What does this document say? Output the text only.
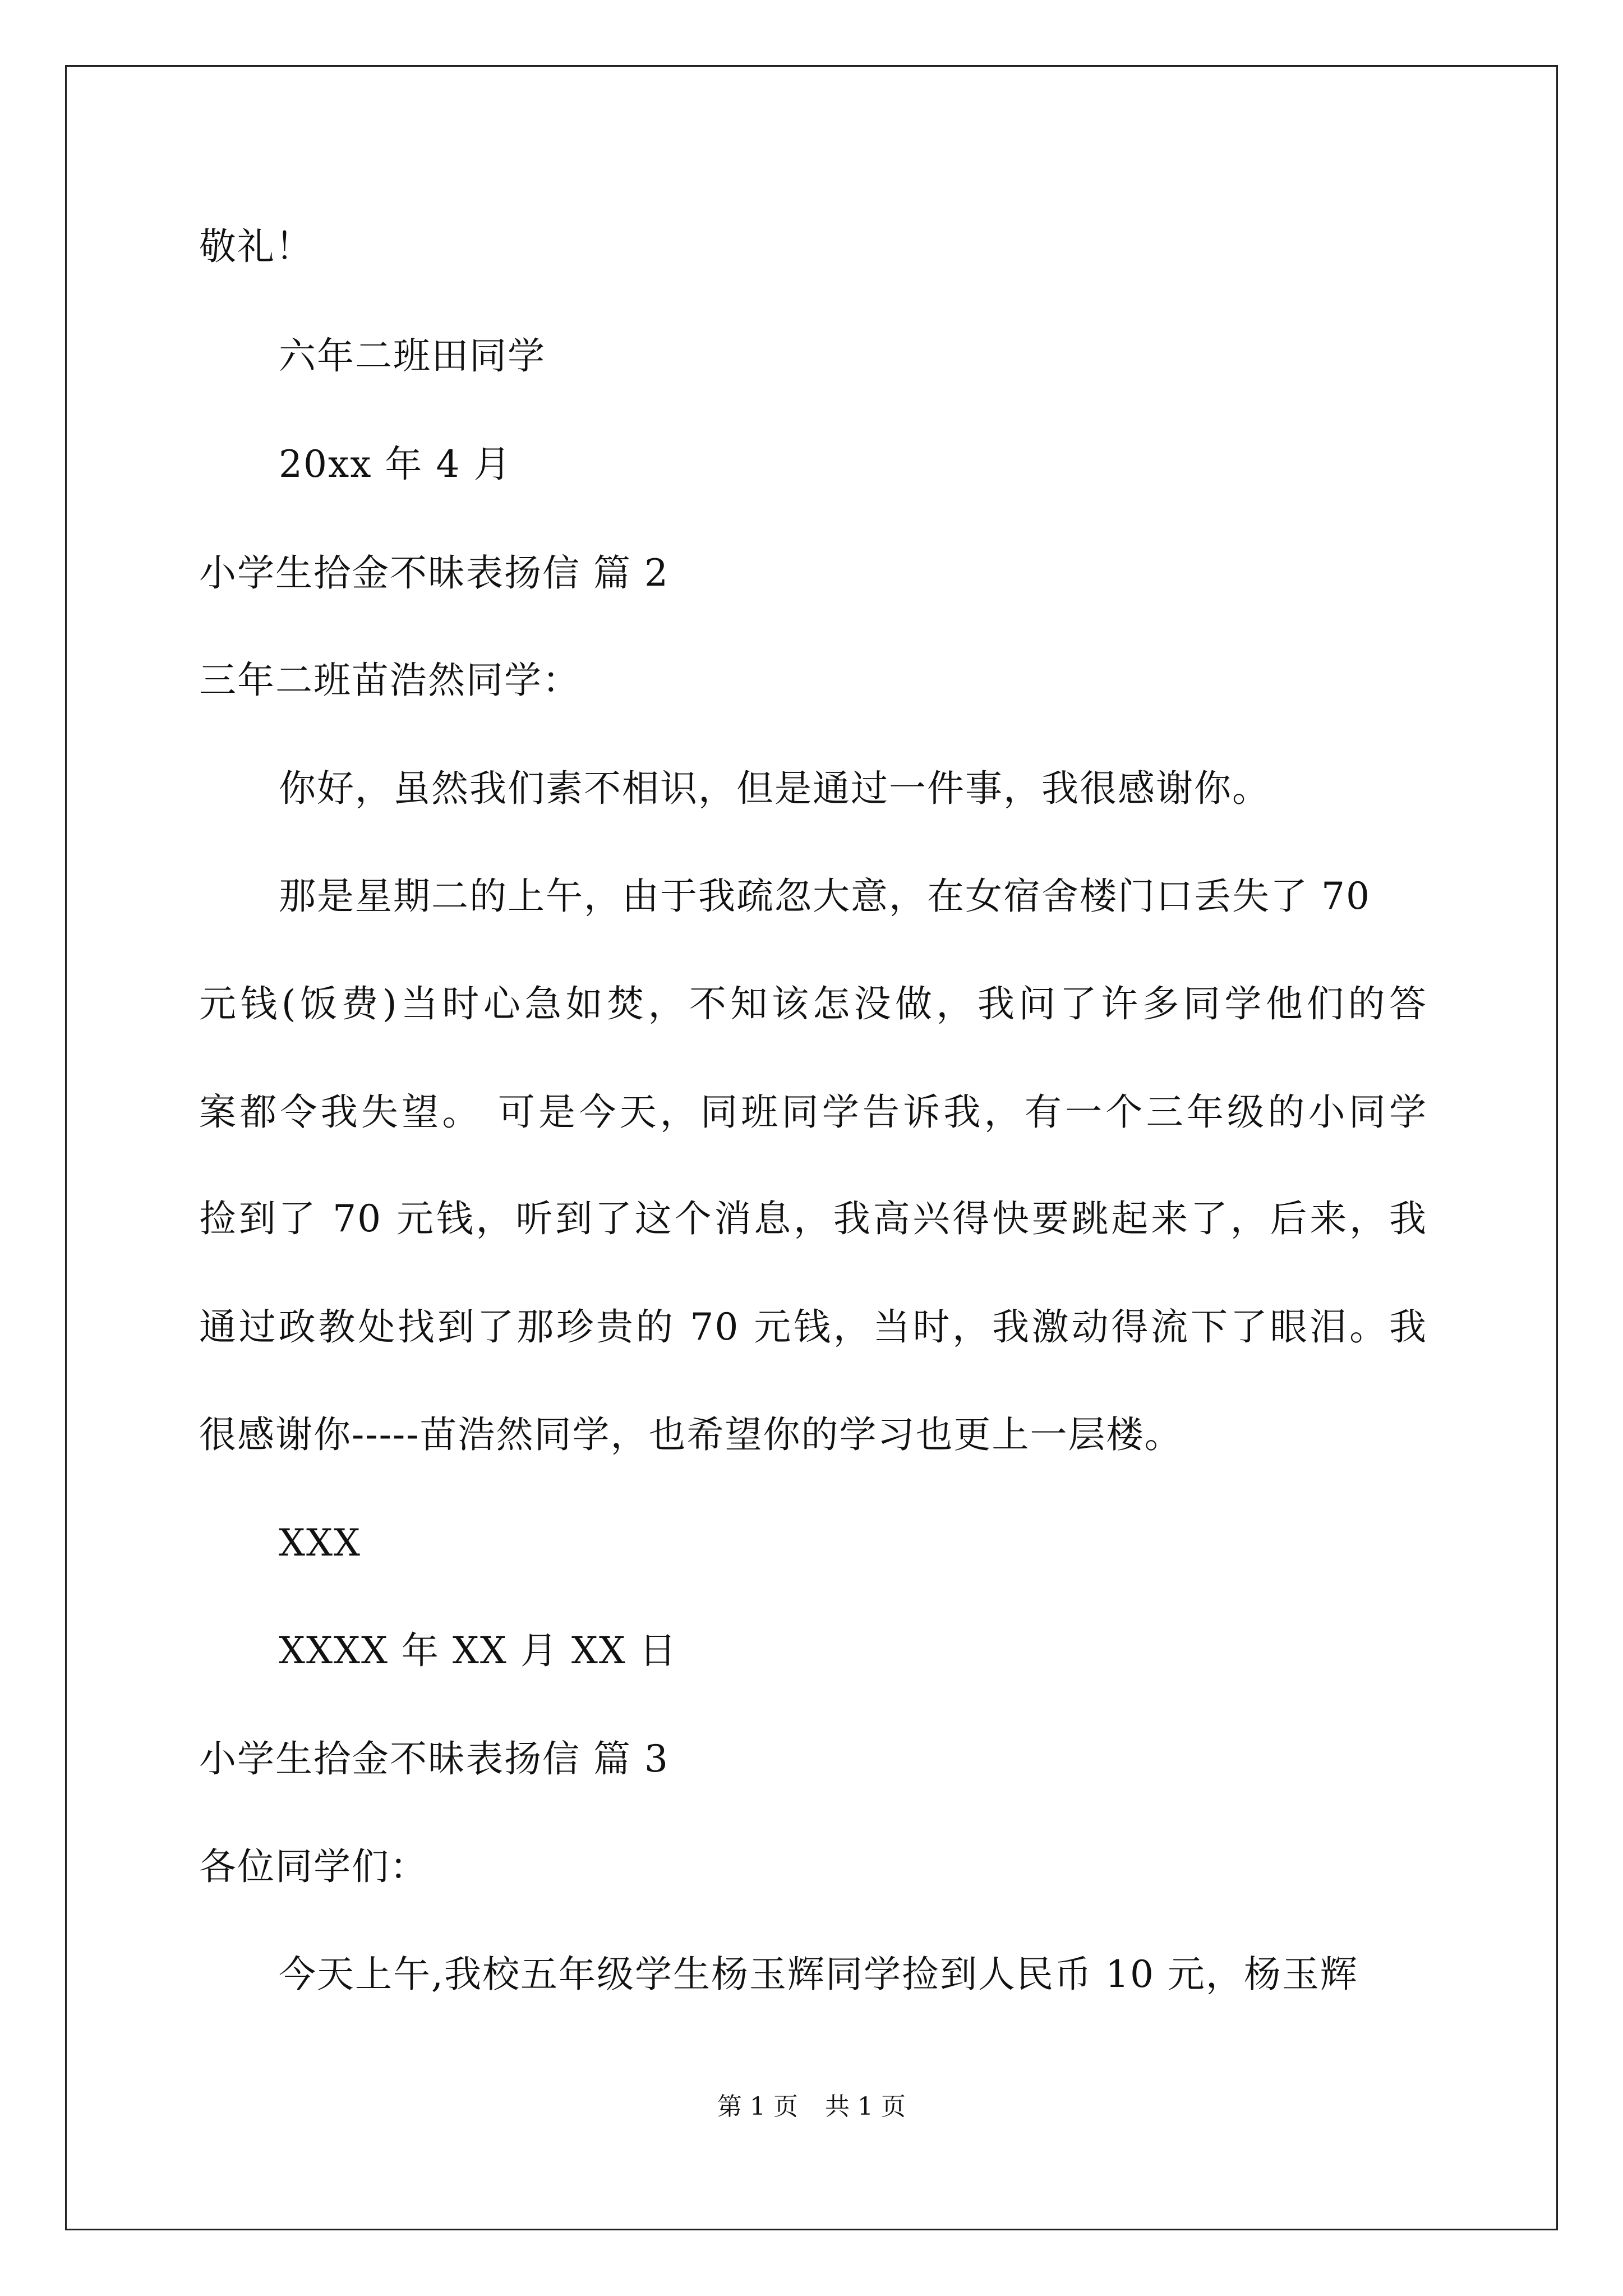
敬礼！
六年二班田同学
20xx 年 4 月
小学生拾金不昧表扬信 篇 2
三年二班苗浩然同学：
你好，虽然我们素不相识，但是通过一件事，我很感谢你。
那是星期二的上午，由于我疏忽大意，在女宿舍楼门口丢失了 70
元钱(饭费)当时心急如焚，不知该怎没做，我问了许多同学他们的答
案都令我失望。 可是今天，同班同学告诉我，有一个三年级的小同学
捡到了 70 元钱，听到了这个消息，我高兴得快要跳起来了，后来，我
通过政教处找到了那珍贵的 70 元钱，当时，我激动得流下了眼泪。我
很感谢你-----苗浩然同学，也希望你的学习也更上一层楼。
XXX
XXXX 年 XX 月 XX 日
小学生拾金不昧表扬信 篇 3
各位同学们：
今天上午,我校五年级学生杨玉辉同学捡到人民币 10 元，杨玉辉
第 1 页 共 1 页
